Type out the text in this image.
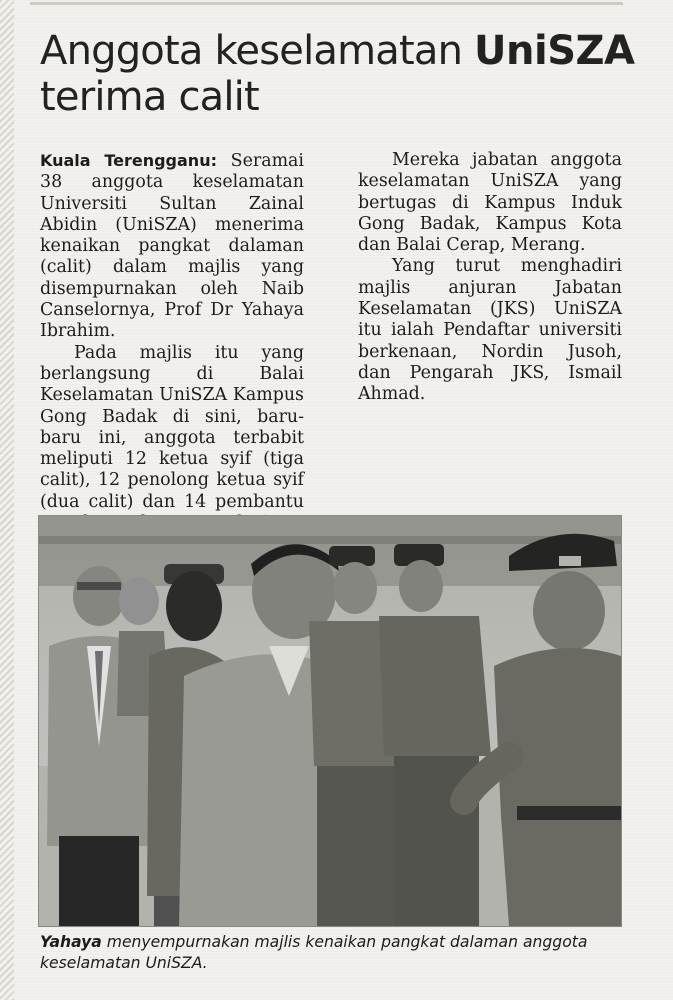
Anggota keselamatan UniSZA
terima calit

Kuala Terengganu: Seramai 38 anggota keselamatan Universiti Sultan Zainal Abidin (UniSZA) menerima kenaikan pangkat dalaman (calit) dalam majlis yang disempurnakan oleh Naib Canselornya, Prof Dr Yahaya Ibrahim.

Pada majlis itu yang berlangsung di Balai Keselamatan UniSZA Kampus Gong Badak di sini, baru-baru ini, anggota terbabit meliputi 12 ketua syif (tiga calit), 12 penolong ketua syif (dua calit) dan 14 pembantu

Mereka jabatan anggota keselamatan UniSZA yang bertugas di Kampus Induk Gong Badak, Kampus Kota dan Balai Cerap, Merang.

Yang turut menghadiri majlis anjuran Jabatan Keselamatan (JKS) UniSZA itu ialah Pendaftar universiti berkenaan, Nordin Jusoh, dan Pengarah JKS, Ismail Ahmad.

Yahaya menyempurnakan majlis kenaikan pangkat dalaman anggota keselamatan UniSZA.
